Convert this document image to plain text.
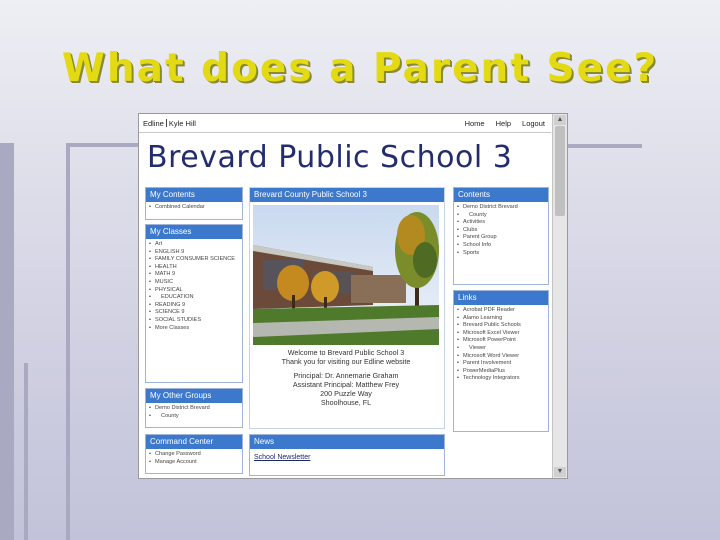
What does a Parent See?
Edline Kyle Hill	Home Help Logout
Brevard Public School 3
My Contents
• Combined Calendar
My Classes
• Art
• ENGLISH 9
• FAMILY CONSUMER SCIENCE
• HEALTH
• MATH 9
• MUSIC
• PHYSICAL
• EDUCATION
• READING 9
• SCIENCE 9
• SOCIAL STUDIES
• More Classes
My Other Groups
• Demo District Brevard
• County
Command Center
• Change Password
• Manage Account
Brevard County Public School 3
Welcome to Brevard Public School 3
Thank you for visiting our Edline website
Principal: Dr. Annemarie Graham
Assistant Principal: Matthew Frey
200 Puzzle Way
Shoolhouse, FL
News
School Newsletter
Contents
• Demo District Brevard
• County
• Activities
• Clubs
• Parent Group
• School Info
• Sports
Links
• Acrobat PDF Reader
• Alamo Learning
• Brevard Public Schools
• Microsoft Excel Viewer
• Microsoft PowerPoint
• Viewer
• Microsoft Word Viewer
• Parent Involvement
• PowerMediaPlus
• Technology Integrators
▲
▼
